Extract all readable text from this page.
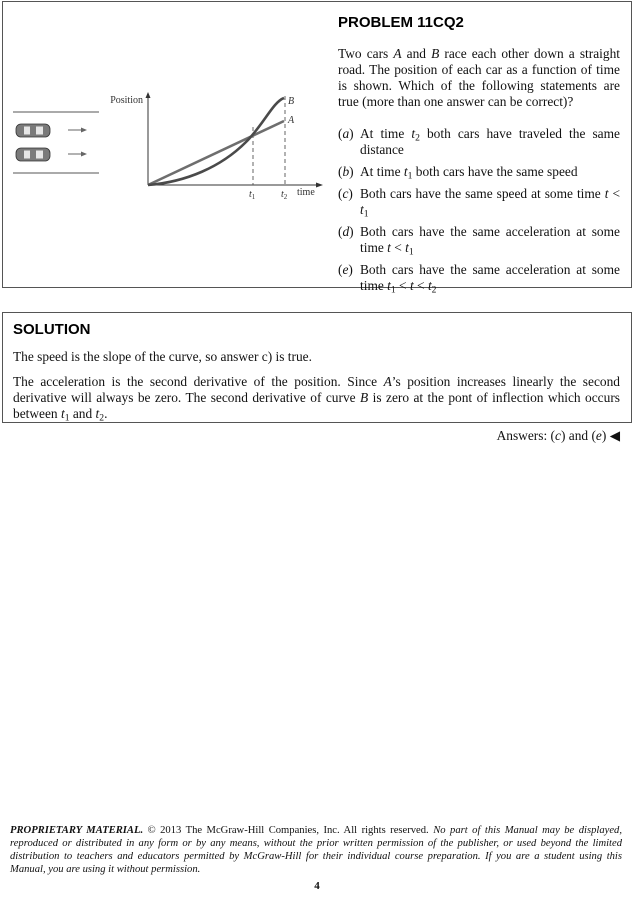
PROBLEM 11CQ2

Two cars A and B race each other down a straight road. The position of each car as a function of time is shown. Which of the following statements are true (more than one answer can be correct)?

(a) At time $t_2$ both cars have traveled the same distance
(b) At time $t_1$ both cars have the same speed
(c) Both cars have the same speed at some time $t < t_1$
(d) Both cars have the same acceleration at some time $t < t_1$
(e) Both cars have the same acceleration at some time $t_1 < t < t_2$
Position
time
$t_1$	$t_2$
B
A
SOLUTION

The speed is the slope of the curve, so answer c) is true.

The acceleration is the second derivative of the position. Since A’s position increases linearly the second derivative will always be zero. The second derivative of curve B is zero at the pont of inflection which occurs between $t_1$ and $t_2$.

Answers: (c) and (e) ◀

PROPRIETARY MATERIAL. © 2013 The McGraw-Hill Companies, Inc. All rights reserved. No part of this Manual may be displayed, reproduced or distributed in any form or by any means, without the prior written permission of the publisher, or used beyond the limited distribution to teachers and educators permitted by McGraw-Hill for their individual course preparation. If you are a student using this Manual, you are using it without permission.

4
